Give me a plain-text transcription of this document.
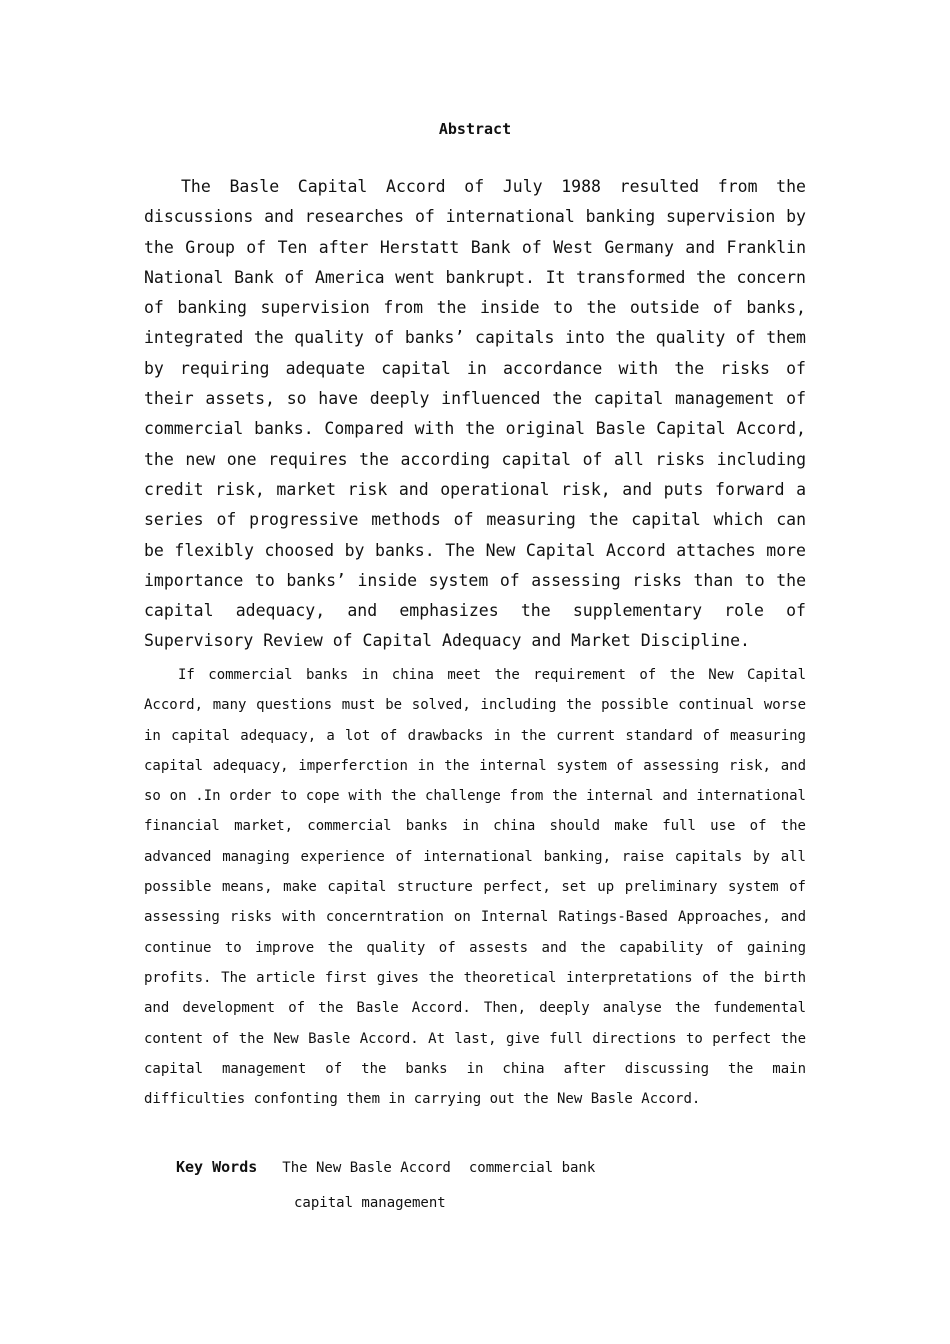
Abstract

The Basle Capital Accord of July 1988 resulted from the discussions and researches of international banking supervision by the Group of Ten after Herstatt Bank of West Germany and Franklin National Bank of America went bankrupt. It transformed the concern of banking supervision from the inside to the outside of banks, integrated the quality of banks’ capitals into the quality of them by requiring adequate capital in accordance with the risks of their assets, so have deeply influenced the capital management of commercial banks. Compared with the original Basle Capital Accord, the new one requires the according capital of all risks including credit risk, market risk and operational risk, and puts forward a series of progressive methods of measuring the capital which can be flexibly choosed by banks. The New Capital Accord attaches more importance to banks’ inside system of assessing risks than to the capital adequacy, and emphasizes the supplementary role of Supervisory Review of Capital Adequacy and Market Discipline.

If commercial banks in china meet the requirement of the New Capital Accord, many questions must be solved, including the possible continual worse in capital adequacy, a lot of drawbacks in the current standard of measuring capital adequacy, imperferction in the internal system of assessing risk, and so on .In order to cope with the challenge from the internal and international financial market, commercial banks in china should make full use of the advanced managing experience of international banking, raise capitals by all possible means, make capital structure perfect, set up preliminary system of assessing risks with concerntration on Internal Ratings-Based Approaches, and continue to improve the quality of assests and the capability of gaining profits. The article first gives the theoretical interpretations of the birth and development of the Basle Accord. Then, deeply analyse the fundemental content of the New Basle Accord. At last, give full directions to perfect the capital management of the banks in china after discussing the main difficulties confonting them in carrying out the New Basle Accord.

Key Words The New Basle Accord commercial bank
capital management
